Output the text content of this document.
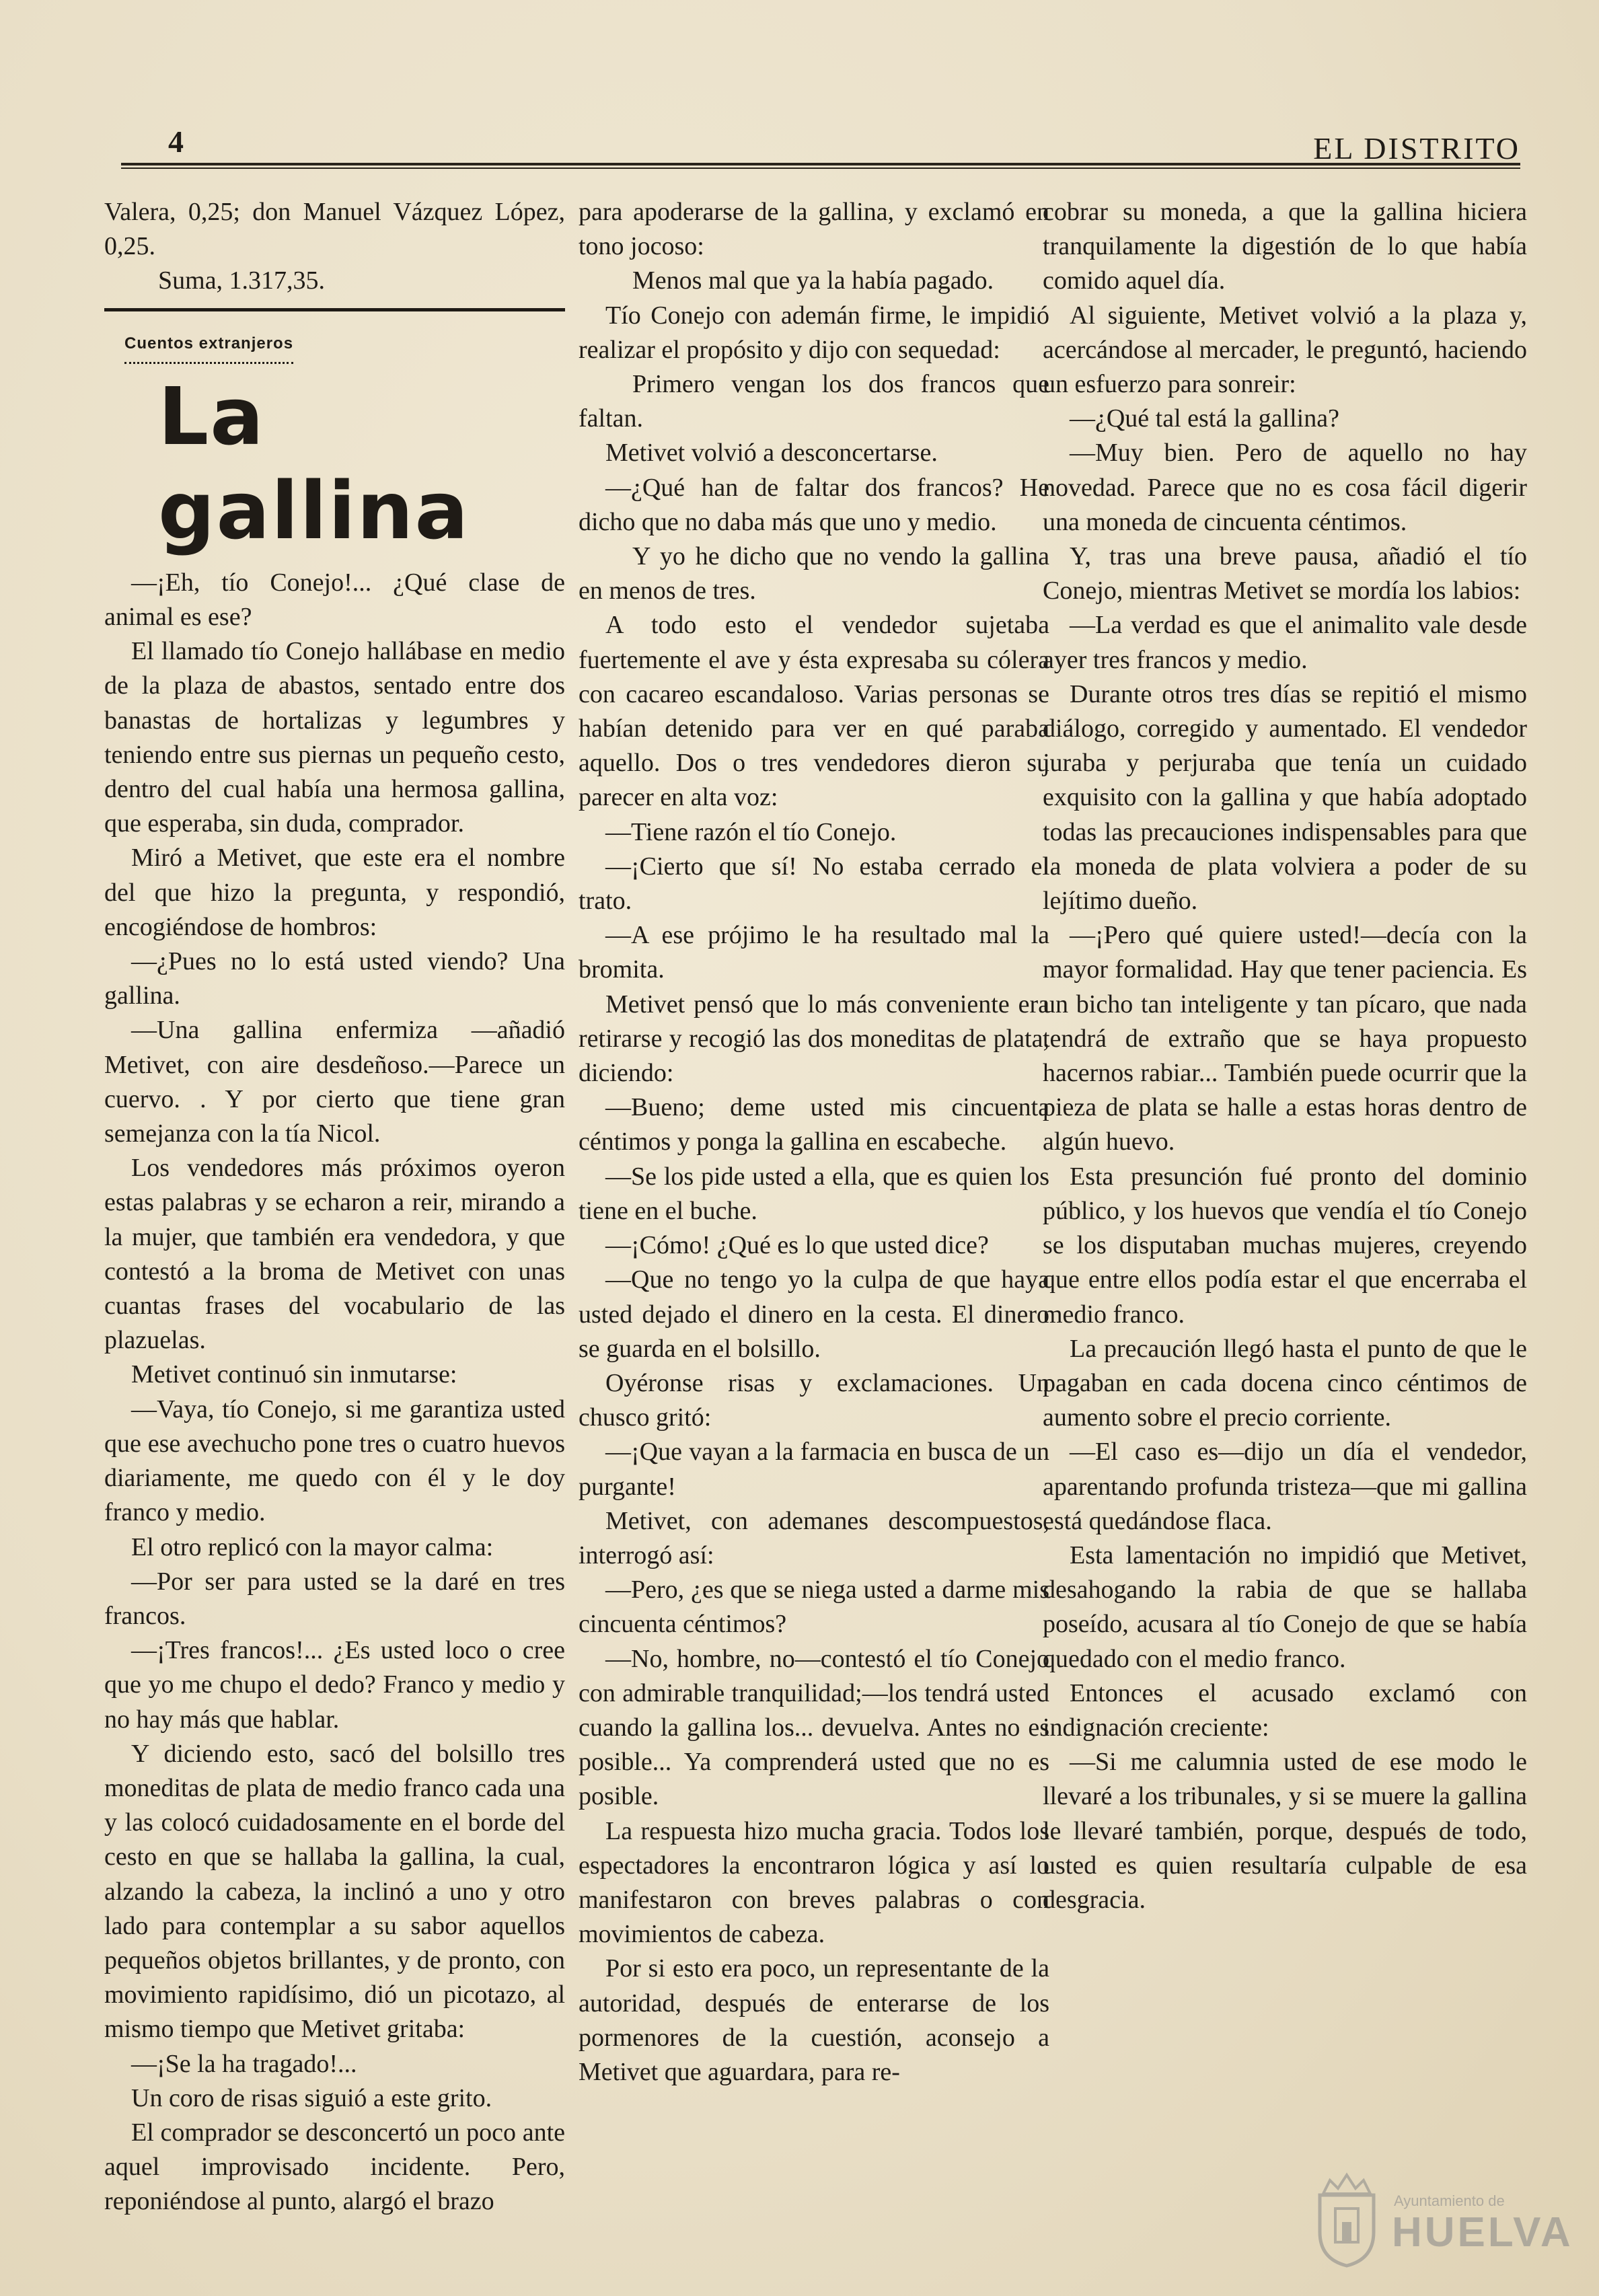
4	EL DISTRITO

Valera, 0,25; don Manuel Vázquez López, 0,25.

Suma, 1.317,35.

Cuentos extranjeros
La gallina

—¡Eh, tío Conejo!... ¿Qué clase de animal es ese?

El llamado tío Conejo hallábase en medio de la plaza de abastos, sentado entre dos banastas de hortalizas y legumbres y teniendo entre sus piernas un pequeño cesto, dentro del cual había una hermosa gallina, que esperaba, sin duda, comprador.

Miró a Metivet, que este era el nombre del que hizo la pregunta, y respondió, encogiéndose de hombros:

—¿Pues no lo está usted viendo? Una gallina.

—Una gallina enfermiza —añadió Metivet, con aire desdeñoso.—Parece un cuervo. . Y por cierto que tiene gran semejanza con la tía Nicol.

Los vendedores más próximos oyeron estas palabras y se echaron a reir, mirando a la mujer, que también era vendedora, y que contestó a la broma de Metivet con unas cuantas frases del vocabulario de las plazuelas.

Metivet continuó sin inmutarse:

—Vaya, tío Conejo, si me garantiza usted que ese avechucho pone tres o cuatro huevos diariamente, me quedo con él y le doy franco y medio.

El otro replicó con la mayor calma:

—Por ser para usted se la daré en tres francos.

—¡Tres francos!... ¿Es usted loco o cree que yo me chupo el dedo? Franco y medio y no hay más que hablar.

Y diciendo esto, sacó del bolsillo tres moneditas de plata de medio franco cada una y las colocó cuidadosamente en el borde del cesto en que se hallaba la gallina, la cual, alzando la cabeza, la inclinó a uno y otro lado para contemplar a su sabor aquellos pequeños objetos brillantes, y de pronto, con movimiento rapidísimo, dió un picotazo, al mismo tiempo que Metivet gritaba:

—¡Se la ha tragado!...

Un coro de risas siguió a este grito.

El comprador se desconcertó un poco ante aquel improvisado incidente. Pero, reponiéndose al punto, alargó el brazo

para apoderarse de la gallina, y exclamó en tono jocoso:

Menos mal que ya la había pagado.

Tío Conejo con ademán firme, le impidió realizar el propósito y dijo con sequedad:

Primero vengan los dos francos que faltan.

Metivet volvió a desconcertarse.

—¿Qué han de faltar dos francos? He dicho que no daba más que uno y medio.

Y yo he dicho que no vendo la gallina en menos de tres.

A todo esto el vendedor sujetaba fuertemente el ave y ésta expresaba su cólera con cacareo escandaloso. Varias personas se habían detenido para ver en qué paraba aquello. Dos o tres vendedores dieron su parecer en alta voz:

—Tiene razón el tío Conejo.

—¡Cierto que sí! No estaba cerrado el trato.

—A ese prójimo le ha resultado mal la bromita.

Metivet pensó que lo más conveniente era retirarse y recogió las dos moneditas de plata, diciendo:

—Bueno; deme usted mis cincuenta céntimos y ponga la gallina en escabeche.

—Se los pide usted a ella, que es quien los tiene en el buche.

—¡Cómo! ¿Qué es lo que usted dice?

—Que no tengo yo la culpa de que haya usted dejado el dinero en la cesta. El dinero se guarda en el bolsillo.

Oyéronse risas y exclamaciones. Un chusco gritó:

—¡Que vayan a la farmacia en busca de un purgante!

Metivet, con ademanes descompuestos, interrogó así:

—Pero, ¿es que se niega usted a darme mis cincuenta céntimos?

—No, hombre, no—contestó el tío Conejo con admirable tranquilidad;—los tendrá usted cuando la gallina los... devuelva. Antes no es posible... Ya comprenderá usted que no es posible.

La respuesta hizo mucha gracia. Todos los espectadores la encontraron lógica y así lo manifestaron con breves palabras o con movimientos de cabeza.

Por si esto era poco, un representante de la autoridad, después de enterarse de los pormenores de la cuestión, aconsejo a Metivet que aguardara, para re-

cobrar su moneda, a que la gallina hiciera tranquilamente la digestión de lo que había comido aquel día.

Al siguiente, Metivet volvió a la plaza y, acercándose al mercader, le preguntó, haciendo un esfuerzo para sonreir:

—¿Qué tal está la gallina?

—Muy bien. Pero de aquello no hay novedad. Parece que no es cosa fácil digerir una moneda de cincuenta céntimos.

Y, tras una breve pausa, añadió el tío Conejo, mientras Metivet se mordía los labios:

—La verdad es que el animalito vale desde ayer tres francos y medio.

Durante otros tres días se repitió el mismo diálogo, corregido y aumentado. El vendedor juraba y perjuraba que tenía un cuidado exquisito con la gallina y que había adoptado todas las precauciones indispensables para que la moneda de plata volviera a poder de su lejítimo dueño.

—¡Pero qué quiere usted!—decía con la mayor formalidad. Hay que tener paciencia. Es un bicho tan inteligente y tan pícaro, que nada tendrá de extraño que se haya propuesto hacernos rabiar... También puede ocurrir que la pieza de plata se halle a estas horas dentro de algún huevo.

Esta presunción fué pronto del dominio público, y los huevos que vendía el tío Conejo se los disputaban muchas mujeres, creyendo que entre ellos podía estar el que encerraba el medio franco.

La precaución llegó hasta el punto de que le pagaban en cada docena cinco céntimos de aumento sobre el precio corriente.

—El caso es—dijo un día el vendedor, aparentando profunda tristeza—que mi gallina está quedándose flaca.

Esta lamentación no impidió que Metivet, desahogando la rabia de que se hallaba poseído, acusara al tío Conejo de que se había quedado con el medio franco.

Entonces el acusado exclamó con indignación creciente:

—Si me calumnia usted de ese modo le llevaré a los tribunales, y si se muere la gallina le llevaré también, porque, después de todo, usted es quien resultaría culpable de esa desgracia.

Ayuntamiento de
HUELVA
